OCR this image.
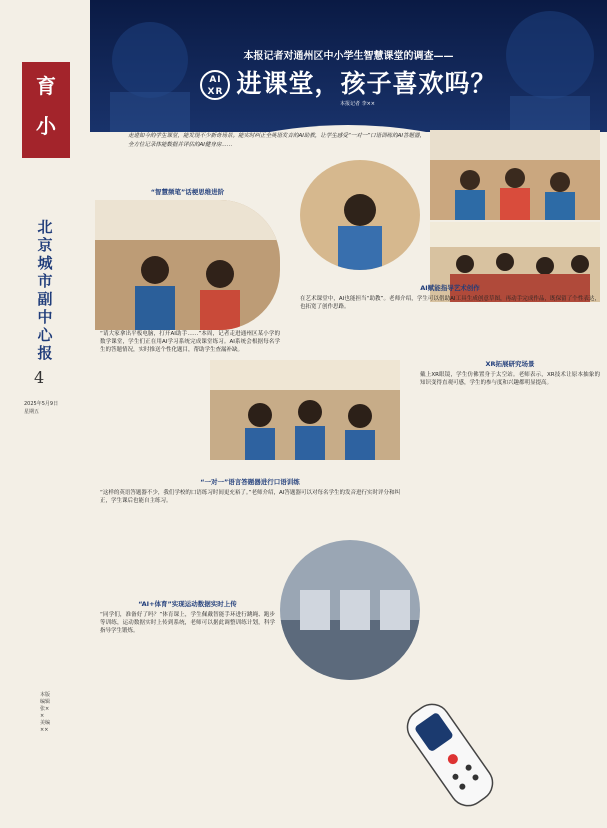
育
小
北京城市副中心报
4
2025年5月9日
星期五
本版编辑 张×× 美编 ××
本报记者对通州区中小学生智慧课堂的调查——
AI
XR 进课堂，孩子喜欢吗？
本报记者 李××
走进如今的学生课堂，能发现不少新奇场景。能实时纠正全英语发音的AI助教，让学生感受“一对一”口语训练的AI答题器，全方位记录体能数据并评估的AI健身房……
“智慧频笔”话梗思维进阶
“请大家拿出平板电脑，打开AI助手……”本周，记者走进通州区某小学的数学课堂，学生们正在用AI学习系统完成课堂练习。AI系统会根据每名学生的答题情况，实时推送个性化题目，帮助学生查漏补缺。
AI赋能指导艺术创作
在艺术课堂中，AI也能担当“助教”。老师介绍，学生可以借助AI工具生成创意草图，再动手完成作品，既保留了个性表达，也拓宽了创作思路。
XR拓展研究场景
戴上XR眼镜，学生仿佛置身于太空站。老师表示，XR技术让原本抽象的知识变得直观可感，学生的参与度和兴趣都明显提高。
“一对一”语言答题器进行口语训练
“这样的英语答题器不少，我们学校的口语练习时间更充裕了。”老师介绍，AI答题器可以对每名学生的发音进行实时评分和纠正，学生课后也能自主练习。
“AI+体育”实现运动数据实时上传
“同学们，准备好了吗？”体育课上，学生佩戴智能手环进行跳绳、跑步等训练，运动数据实时上传到系统，老师可以据此调整训练计划，科学指导学生锻炼。
